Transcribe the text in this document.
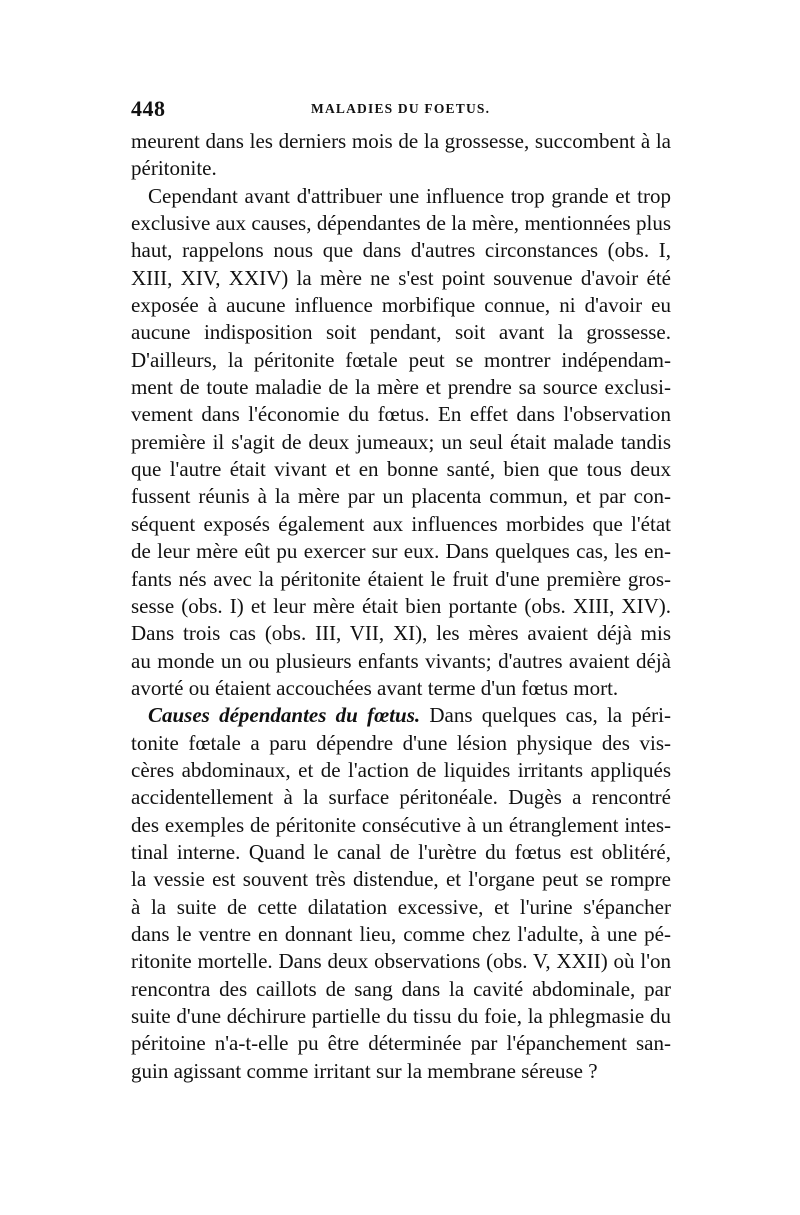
448	MALADIES DU FOETUS.
meurent dans les derniers mois de la grossesse, succombent à la
péritonite.
Cependant avant d'attribuer une influence trop grande et trop
exclusive aux causes, dépendantes de la mère, mentionnées plus
haut, rappelons nous que dans d'autres circonstances (obs. I,
XIII, XIV, XXIV) la mère ne s'est point souvenue d'avoir été
exposée à aucune influence morbifique connue, ni d'avoir eu
aucune indisposition soit pendant, soit avant la grossesse.
D'ailleurs, la péritonite fœtale peut se montrer indépendam-
ment de toute maladie de la mère et prendre sa source exclusi-
vement dans l'économie du fœtus. En effet dans l'observation
première il s'agit de deux jumeaux; un seul était malade tandis
que l'autre était vivant et en bonne santé, bien que tous deux
fussent réunis à la mère par un placenta commun, et par con-
séquent exposés également aux influences morbides que l'état
de leur mère eût pu exercer sur eux. Dans quelques cas, les en-
fants nés avec la péritonite étaient le fruit d'une première gros-
sesse (obs. I) et leur mère était bien portante (obs. XIII, XIV).
Dans trois cas (obs. III, VII, XI), les mères avaient déjà mis
au monde un ou plusieurs enfants vivants; d'autres avaient déjà
avorté ou étaient accouchées avant terme d'un fœtus mort.
Causes dépendantes du fœtus. Dans quelques cas, la péri-
tonite fœtale a paru dépendre d'une lésion physique des vis-
cères abdominaux, et de l'action de liquides irritants appliqués
accidentellement à la surface péritonéale. Dugès a rencontré
des exemples de péritonite consécutive à un étranglement intes-
tinal interne. Quand le canal de l'urètre du fœtus est oblitéré,
la vessie est souvent très distendue, et l'organe peut se rompre
à la suite de cette dilatation excessive, et l'urine s'épancher
dans le ventre en donnant lieu, comme chez l'adulte, à une pé-
ritonite mortelle. Dans deux observations (obs. V, XXII) où l'on
rencontra des caillots de sang dans la cavité abdominale, par
suite d'une déchirure partielle du tissu du foie, la phlegmasie du
péritoine n'a-t-elle pu être déterminée par l'épanchement san-
guin agissant comme irritant sur la membrane séreuse ?
